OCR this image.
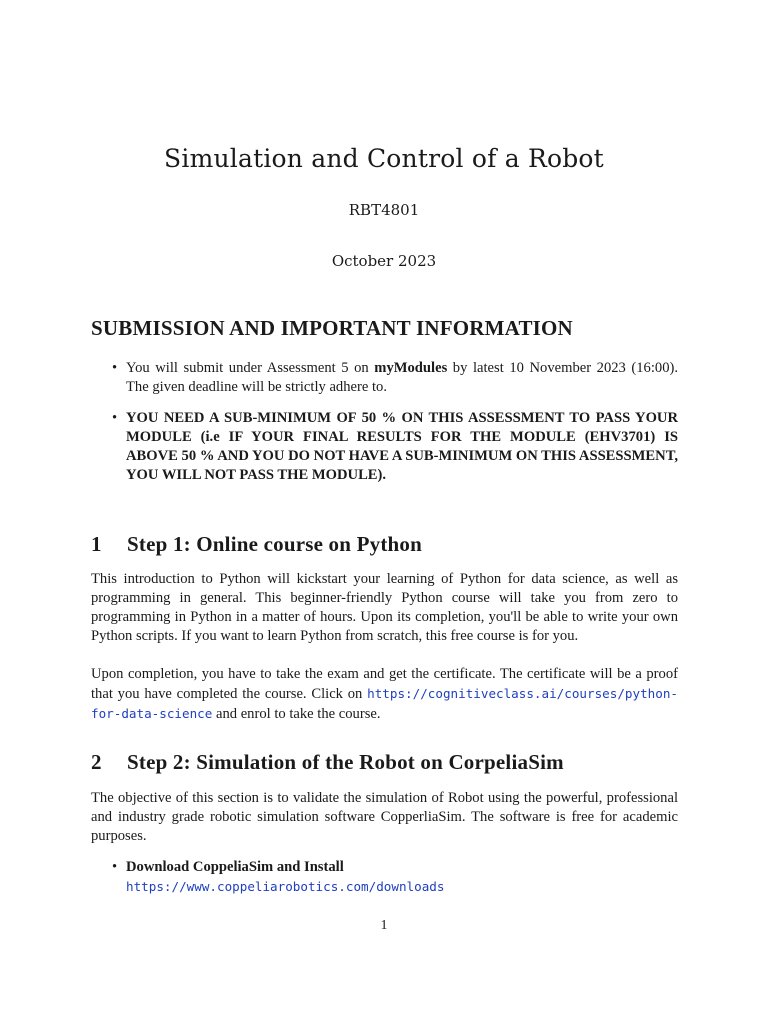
Simulation and Control of a Robot
RBT4801
October 2023
SUBMISSION AND IMPORTANT INFORMATION
• You will submit under Assessment 5 on myModules by latest 10 November 2023 (16:00). The given deadline will be strictly adhere to.
• YOU NEED A SUB-MINIMUM OF 50 % ON THIS ASSESSMENT TO PASS YOUR MODULE (i.e IF YOUR FINAL RESULTS FOR THE MODULE (EHV3701) IS ABOVE 50 % AND YOU DO NOT HAVE A SUB-MINIMUM ON THIS ASSESSMENT, YOU WILL NOT PASS THE MODULE).
1 Step 1: Online course on Python

This introduction to Python will kickstart your learning of Python for data science, as well as programming in general. This beginner-friendly Python course will take you from zero to programming in Python in a matter of hours. Upon its completion, you'll be able to write your own Python scripts. If you want to learn Python from scratch, this free course is for you.

Upon completion, you have to take the exam and get the certificate. The certificate will be a proof that you have completed the course. Click on https://cognitiveclass.ai/courses/python-for-data-science and enrol to take the course.

2 Step 2: Simulation of the Robot on CorpeliaSim

The objective of this section is to validate the simulation of Robot using the powerful, professional and industry grade robotic simulation software CopperliaSim. The software is free for academic purposes.

• Download CoppeliaSim and Install
https://www.coppeliarobotics.com/downloads
1
